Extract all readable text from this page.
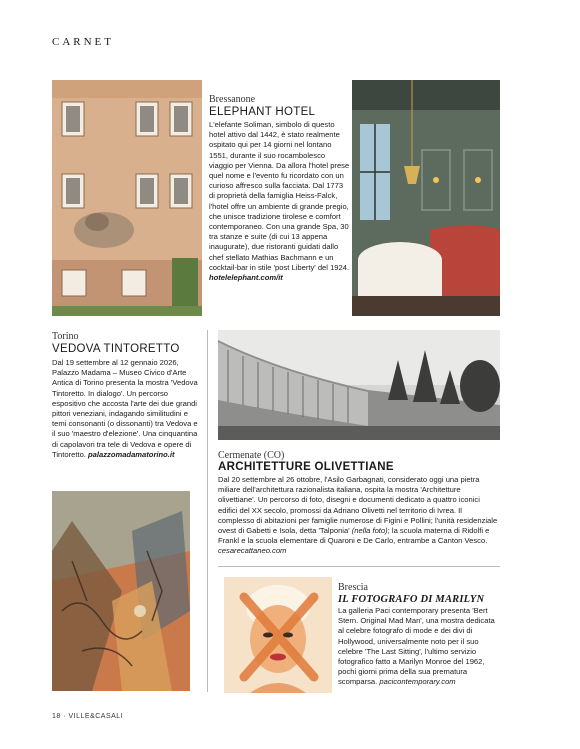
CARNET
Bressanone
ELEPHANT HOTEL
L'elefante Soliman, simbolo di questo hotel attivo dal 1442, è stato realmente ospitato qui per 14 giorni nel lontano 1551, durante il suo rocambolesco viaggio per Vienna. Da allora l'hotel prese quel nome e l'evento fu ricordato con un curioso affresco sulla facciata. Dal 1773 di proprietà della famiglia Heiss-Falck, l'hotel offre un ambiente di grande pregio, che unisce tradizione tirolese e comfort contemporaneo. Con una grande Spa, 30 tra stanze e suite (di cui 13 appena inaugurate), due ristoranti guidati dallo chef stellato Mathias Bachmann e un cocktail-bar in stile 'post Liberty' del 1924. hotelelephant.com/it
Torino
VEDOVA TINTORETTO
Dal 19 settembre al 12 gennaio 2026, Palazzo Madama – Museo Civico d'Arte Antica di Torino presenta la mostra 'Vedova Tintoretto. In dialogo'. Un percorso espositivo che accosta l'arte dei due grandi pittori veneziani, indagando similitudini e temi consonanti (o dissonanti) tra Vedova e il suo 'maestro d'elezione'. Una cinquantina di capolavori tra tele di Vedova e opere di Tintoretto. palazzomadamatorino.it	Cermenate (CO)
ARCHITETTURE OLIVETTIANE
Dal 20 settembre al 26 ottobre, l'Asilo Garbagnati, considerato oggi una pietra miliare dell'architettura razionalista italiana, ospita la mostra 'Architetture olivettiane'. Un percorso di foto, disegni e documenti dedicato a quattro iconici edifici del XX secolo, promossi da Adriano Olivetti nel territorio di Ivrea. Il complesso di abitazioni per famiglie numerose di Figini e Pollini; l'unità residenziale ovest di Gabetti e Isola, detta 'Talponia' (nella foto); la scuola materna di Ridolfi e Frankl e la scuola elementare di Quaroni e De Carlo, entrambe a Canton Vesco. cesarecattaneo.com
Brescia
IL FOTOGRAFO DI MARILYN
La galleria Paci contemporary presenta 'Bert Stern. Original Mad Man', una mostra dedicata al celebre fotografo di mode e dei divi di Hollywood, universalmente noto per il suo celebre 'The Last Sitting', l'ultimo servizio fotografico fatto a Marilyn Monroe del 1962, pochi giorni prima della sua prematura scomparsa. pacicontemporary.com
18 · VILLE&CASALI
